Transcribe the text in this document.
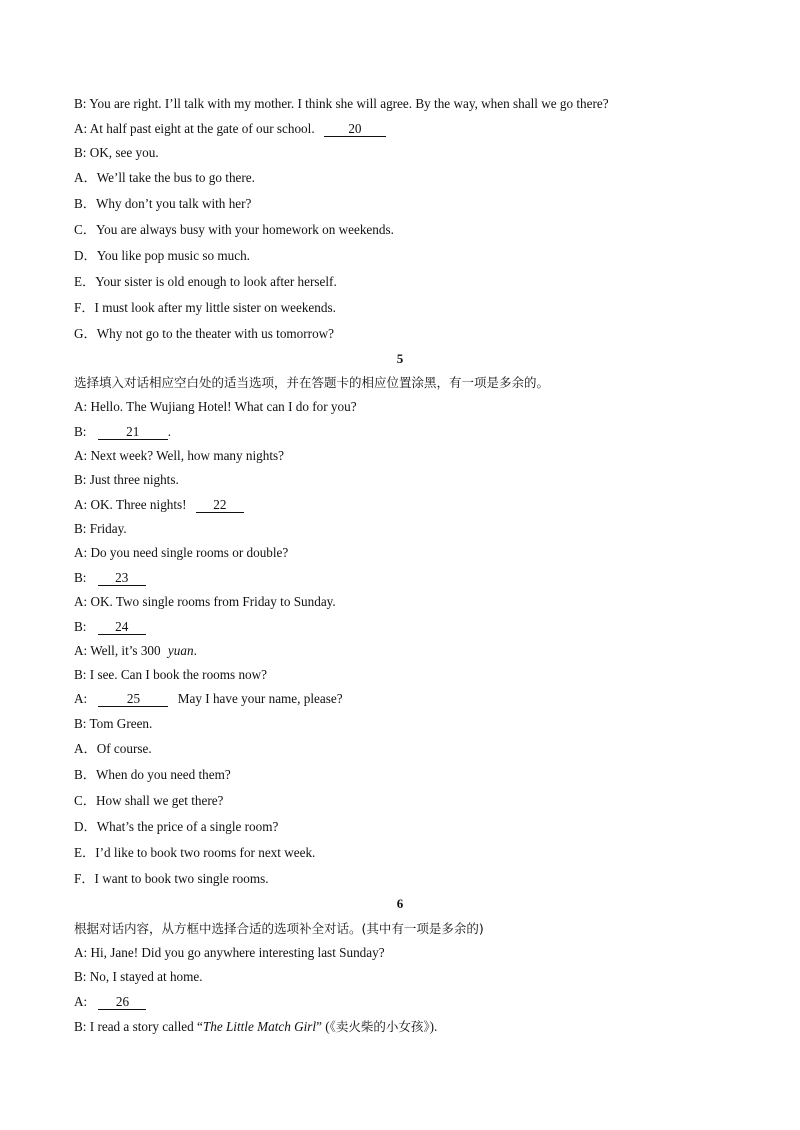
B: You are right. I’ll talk with my mother. I think she will agree. By the way, when shall we go there?
A: At half past eight at the gate of our school.	20
B: OK, see you.
A．We’ll take the bus to go there.
B．Why don’t you talk with her?
C．You are always busy with your homework on weekends.
D．You like pop music so much.
E．Your sister is old enough to look after herself.
F．I must look after my little sister on weekends.
G．Why not go to the theater with us tomorrow?
5
选择填入对话相应空白处的适当选项，并在答题卡的相应位置涂黑，有一项是多余的。
A: Hello. The Wujiang Hotel! What can I do for you?
B:	21 .
A: Next week? Well, how many nights?
B: Just three nights.
A: OK. Three nights! 22
B: Friday.
A: Do you need single rooms or double?
B: 23
A: OK. Two single rooms from Friday to Sunday.
B: 24
A: Well, it’s 300 yuan.
B: I see. Can I book the rooms now?
A:	25	May I have your name, please?
B: Tom Green.
A．Of course.
B．When do you need them?
C．How shall we get there?
D．What’s the price of a single room?
E．I’d like to book two rooms for next week.
F．I want to book two single rooms.
6
根据对话内容，从方框中选择合适的选项补全对话。(其中有一项是多余的)
A: Hi, Jane! Did you go anywhere interesting last Sunday?
B: No, I stayed at home.
A: 26
B: I read a story called “The Little Match Girl” (《卖火柴的小女孩》).
